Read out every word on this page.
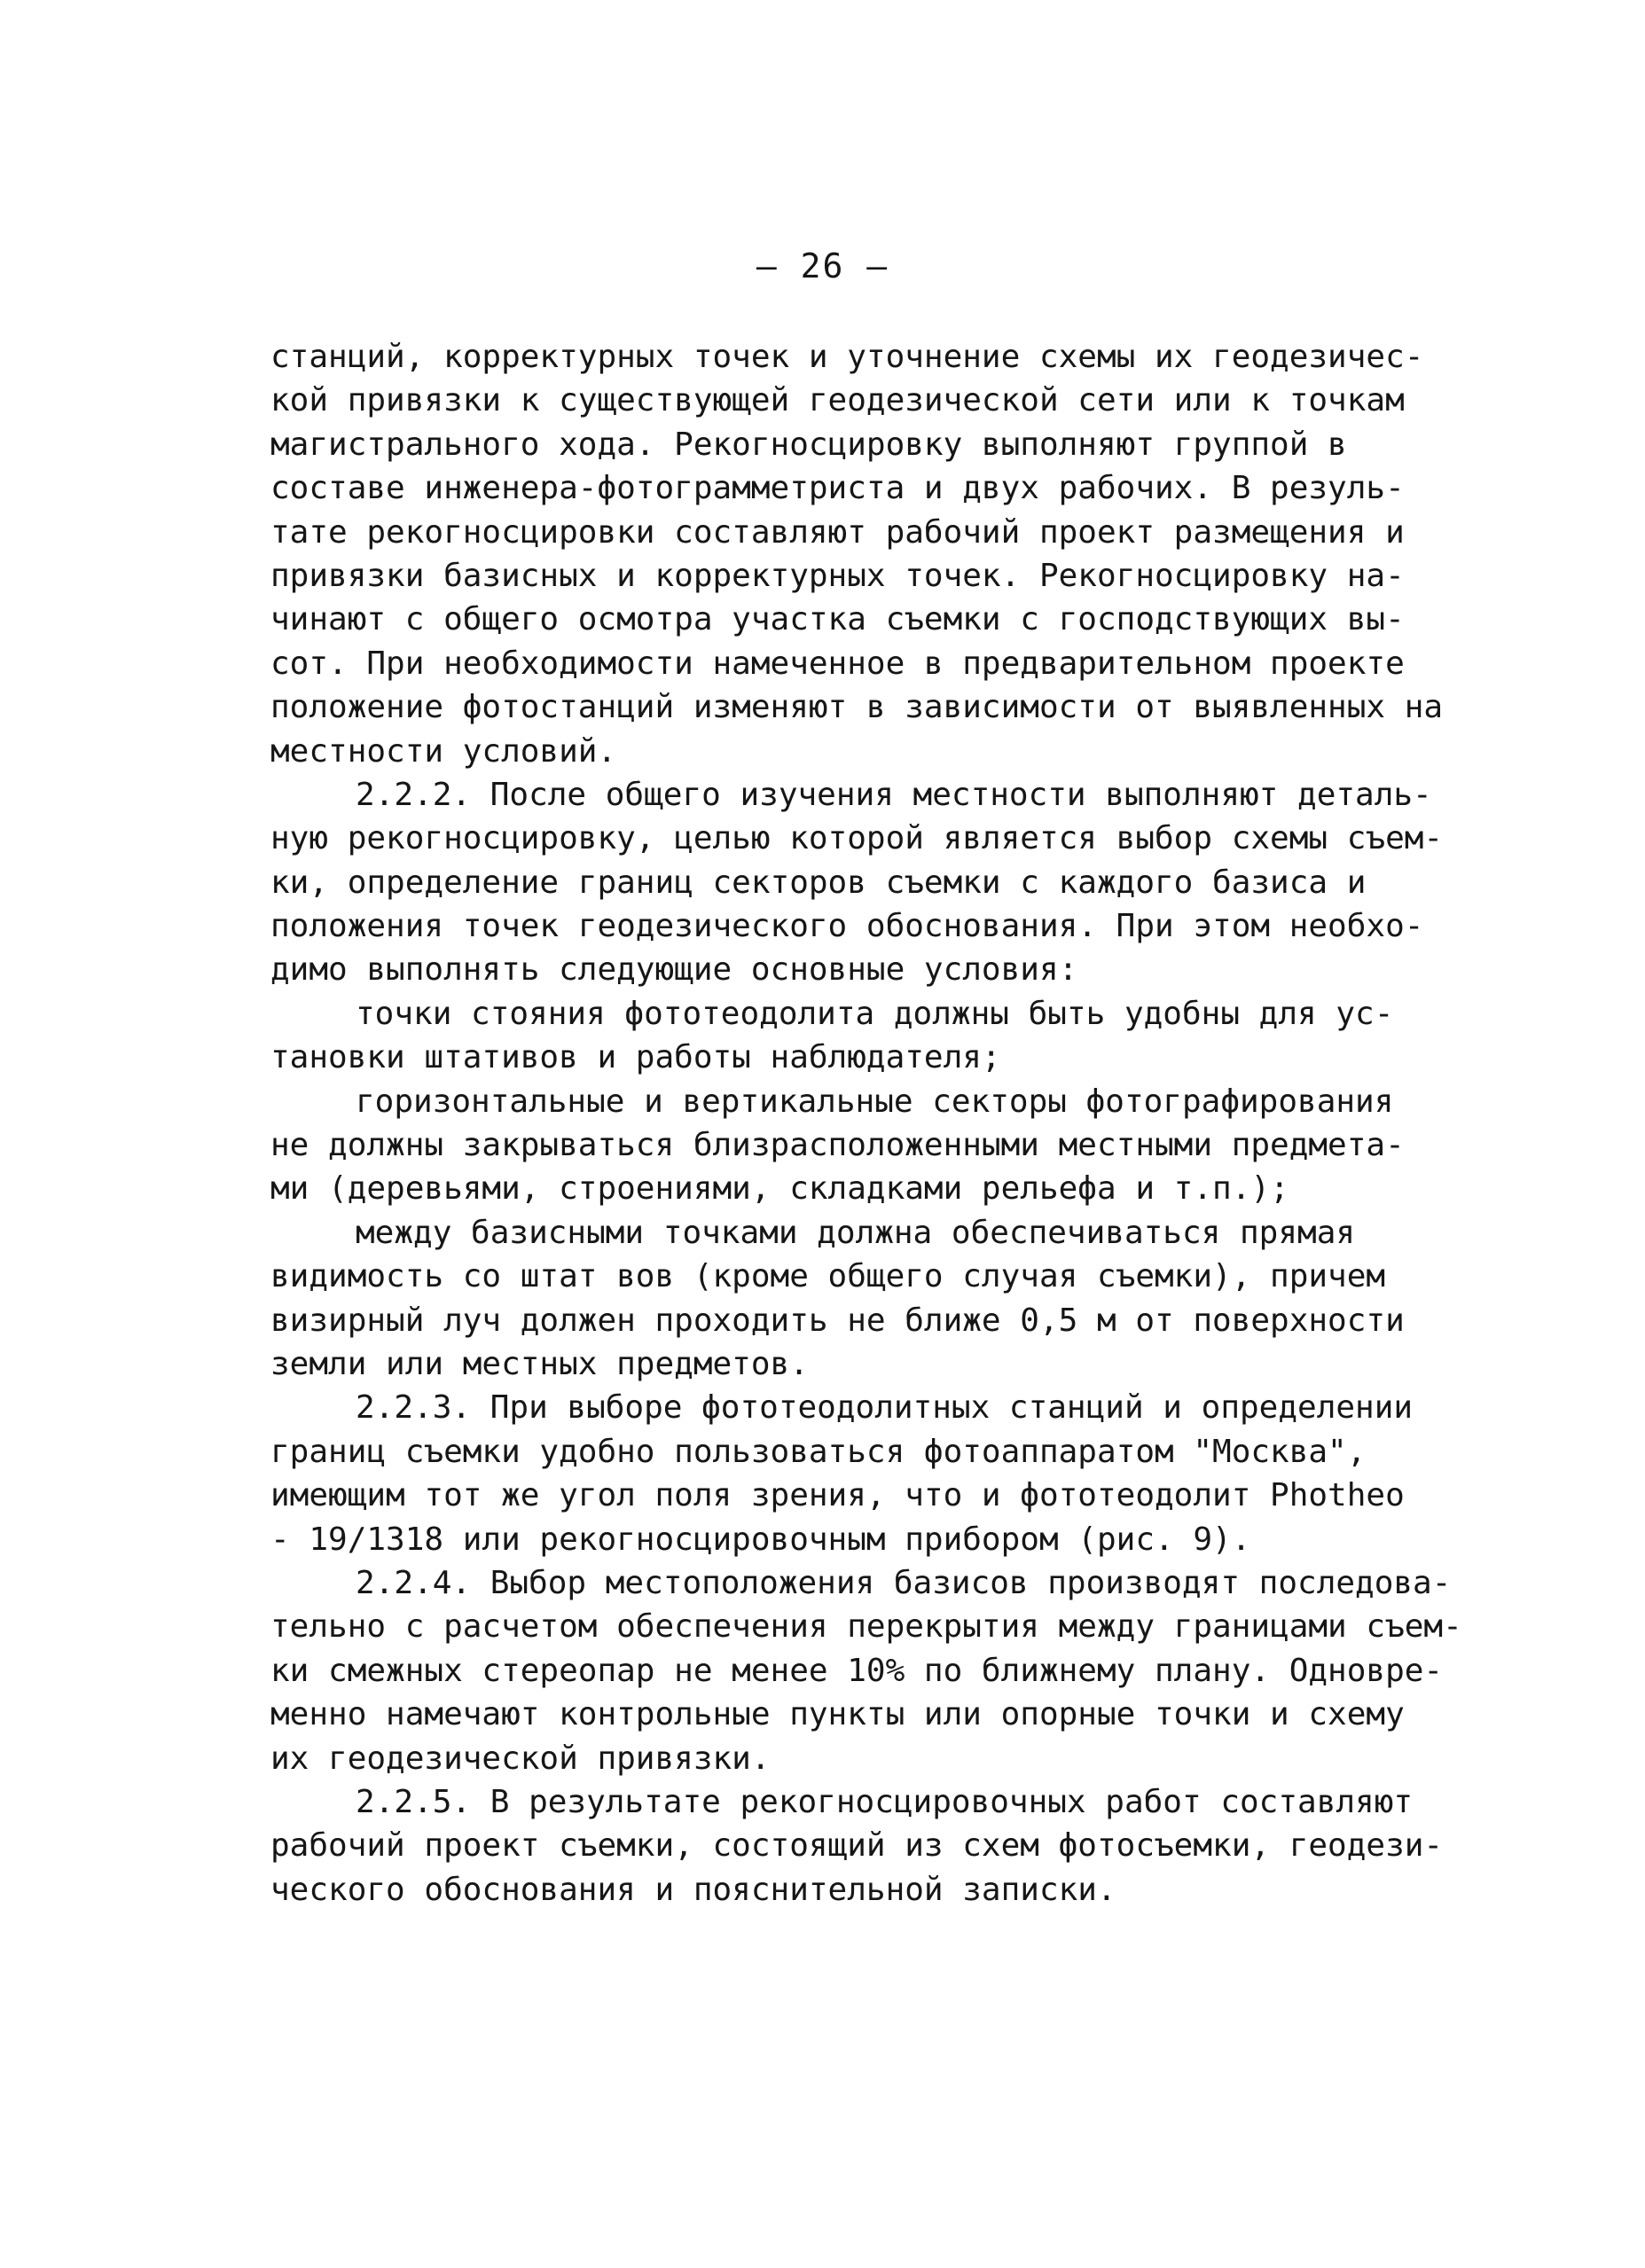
– 26 –
станций, корректурных точек и уточнение схемы их геодезичес-
кой привязки к существующей геодезической сети или к точкам
магистрального хода. Рекогносцировку выполняют группой в
составе инженера-фотограмметриста и двух рабочих. В резуль-
тате рекогносцировки составляют рабочий проект размещения и
привязки базисных и корректурных точек. Рекогносцировку на-
чинают с общего осмотра участка съемки с господствующих вы-
сот. При необходимости намеченное в предварительном проекте
положение фотостанций изменяют в зависимости от выявленных на
местности условий.
2.2.2. После общего изучения местности выполняют деталь-
ную рекогносцировку, целью которой является выбор схемы съем-
ки, определение границ секторов съемки с каждого базиса и
положения точек геодезического обоснования. При этом необхо-
димо выполнять следующие основные условия:
точки стояния фототеодолита должны быть удобны для ус-
тановки штативов и работы наблюдателя;
горизонтальные и вертикальные секторы фотографирования
не должны закрываться близрасположенными местными предмета-
ми (деревьями, строениями, складками рельефа и т.п.);
между базисными точками должна обеспечиваться прямая
видимость со штат вов (кроме общего случая съемки), причем
визирный луч должен проходить не ближе 0,5 м от поверхности
земли или местных предметов.
2.2.3. При выборе фототеодолитных станций и определении
границ съемки удобно пользоваться фотоаппаратом "Москва",
имеющим тот же угол поля зрения, что и фототеодолит Photheo
- 19/1318 или рекогносцировочным прибором (рис. 9).
2.2.4. Выбор местоположения базисов производят последова-
тельно с расчетом обеспечения перекрытия между границами съем-
ки смежных стереопар не менее 10% по ближнему плану. Одновре-
менно намечают контрольные пункты или опорные точки и схему
их геодезической привязки.
2.2.5. В результате рекогносцировочных работ составляют
рабочий проект съемки, состоящий из схем фотосъемки, геодези-
ческого обоснования и пояснительной записки.
